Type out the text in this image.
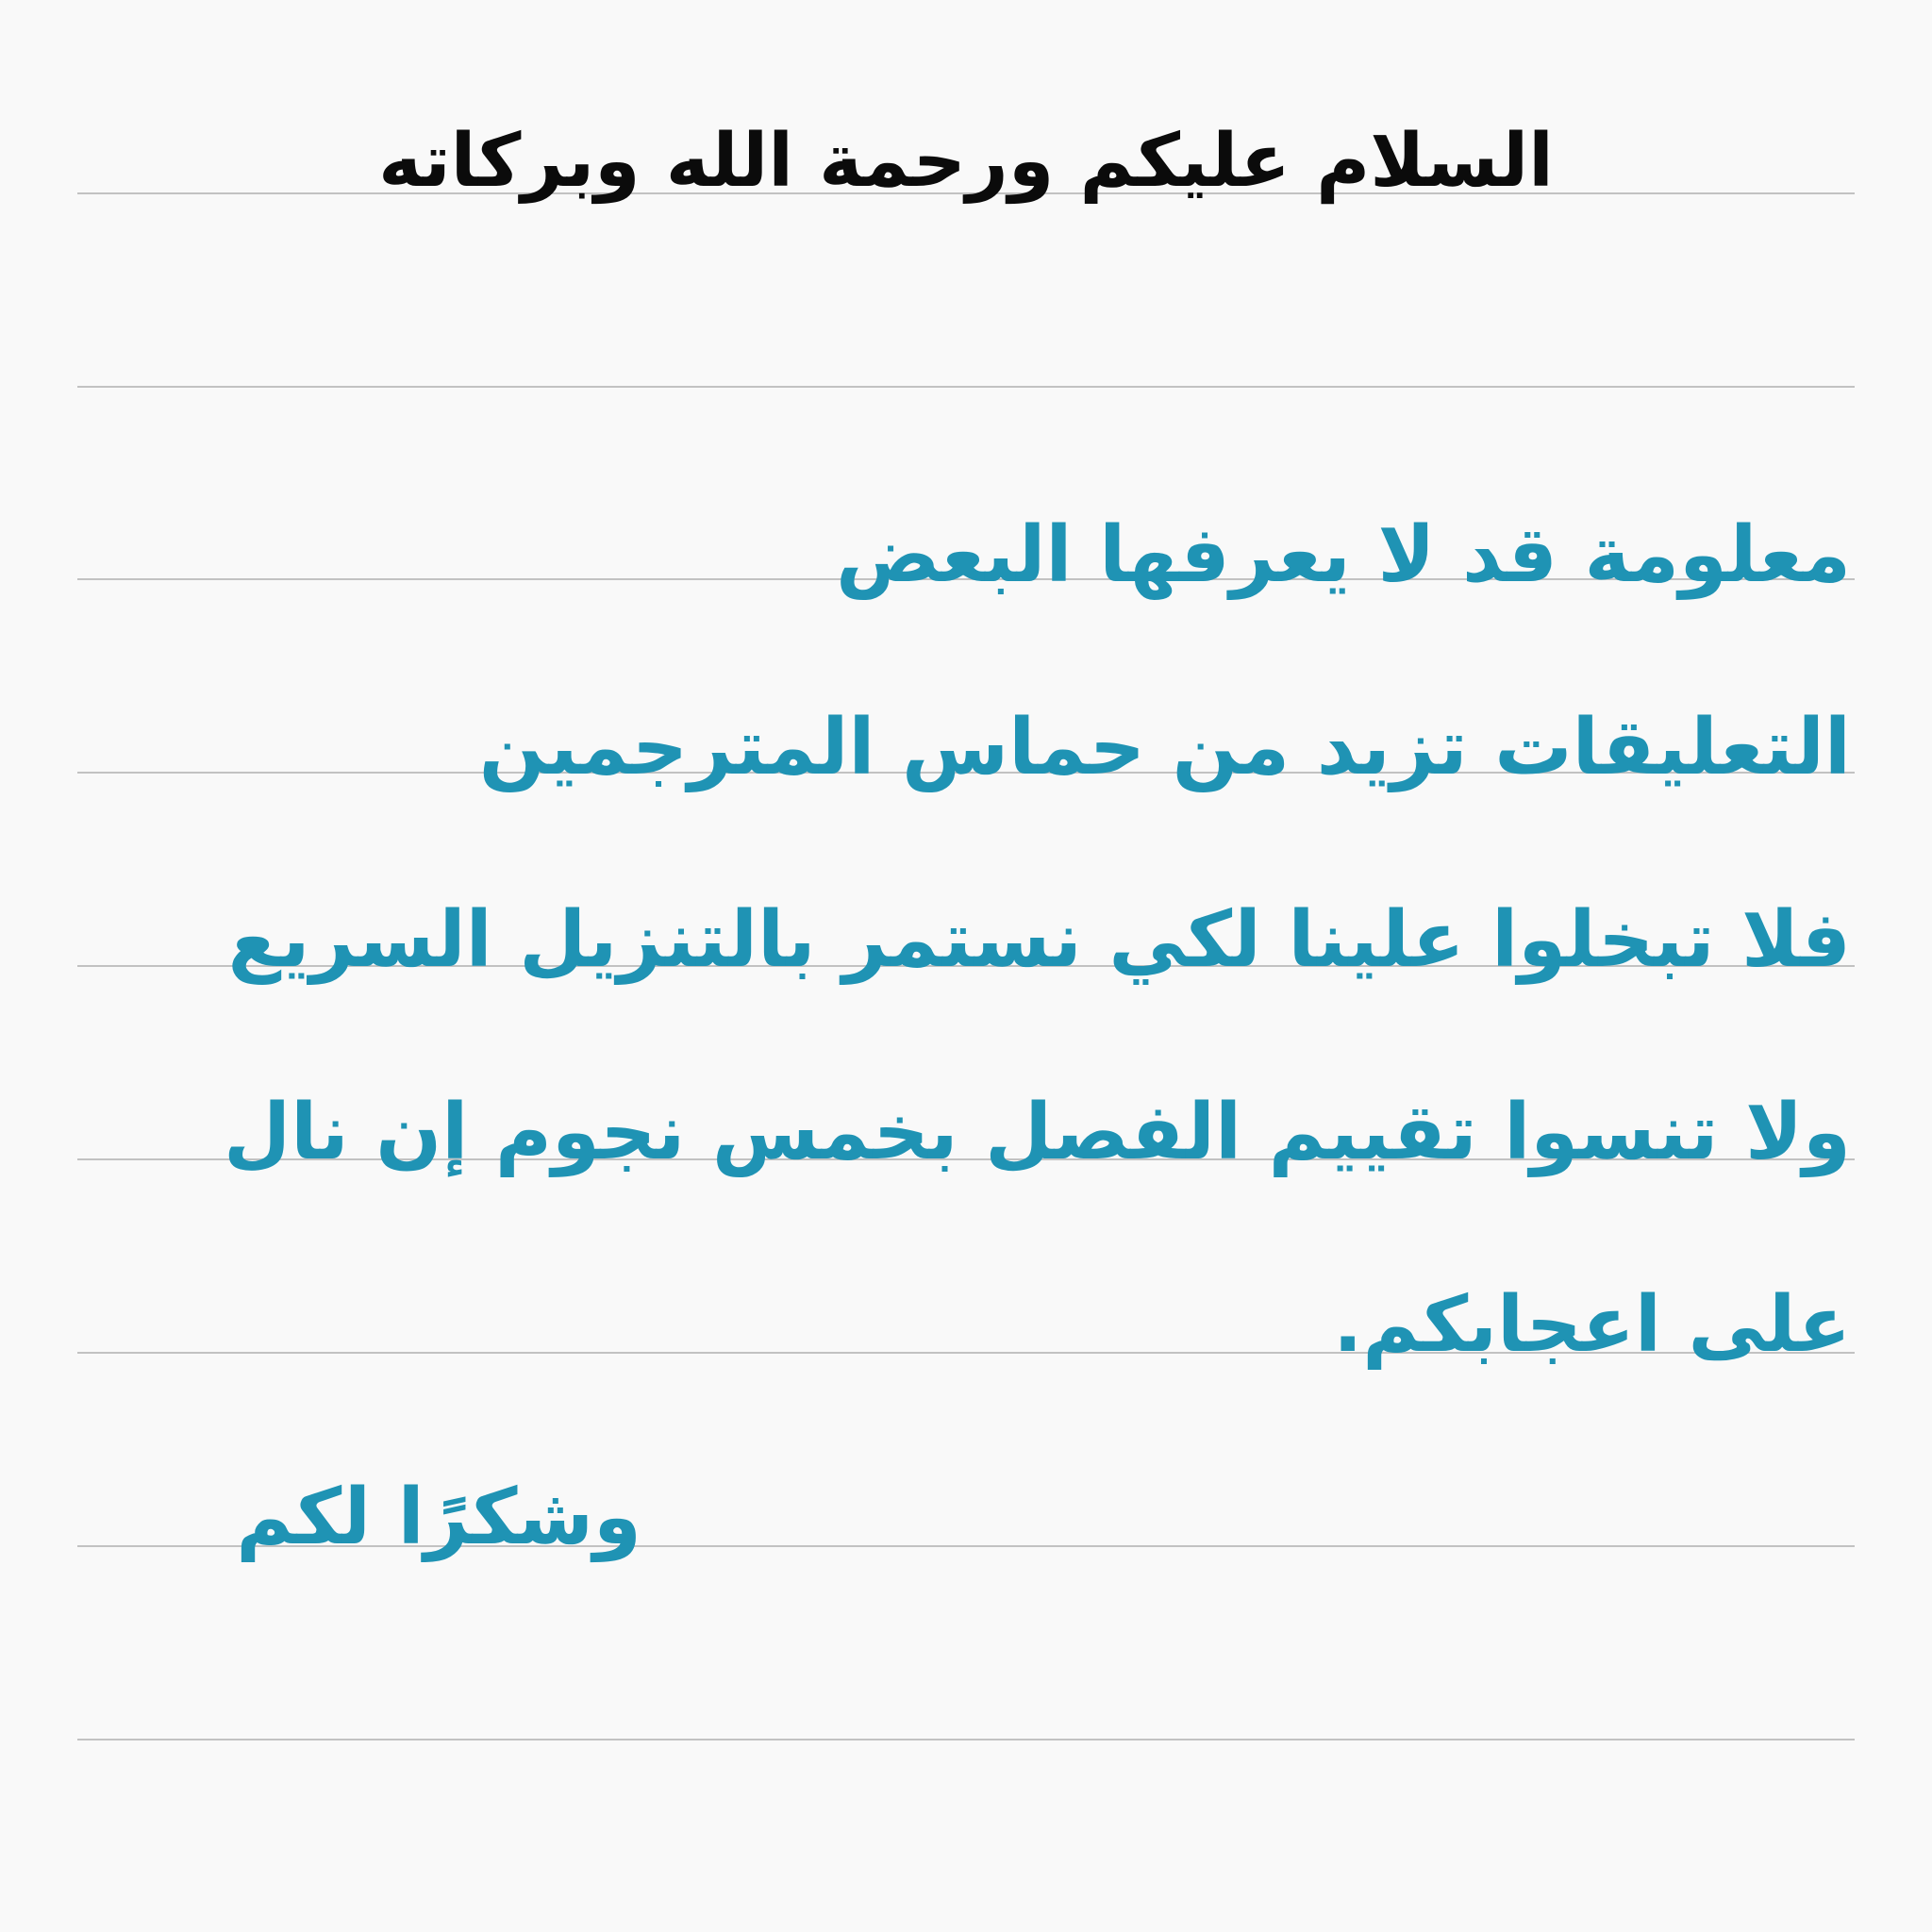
السلام عليكم ورحمة الله وبركاته

معلومة قد لا يعرفها البعض

التعليقات تزيد من حماس المترجمين

فلا تبخلوا علينا لكي نستمر بالتنزيل السريع

ولا تنسوا تقييم الفصل بخمس نجوم إن نال

على اعجابكم.

وشكرًا لكم
